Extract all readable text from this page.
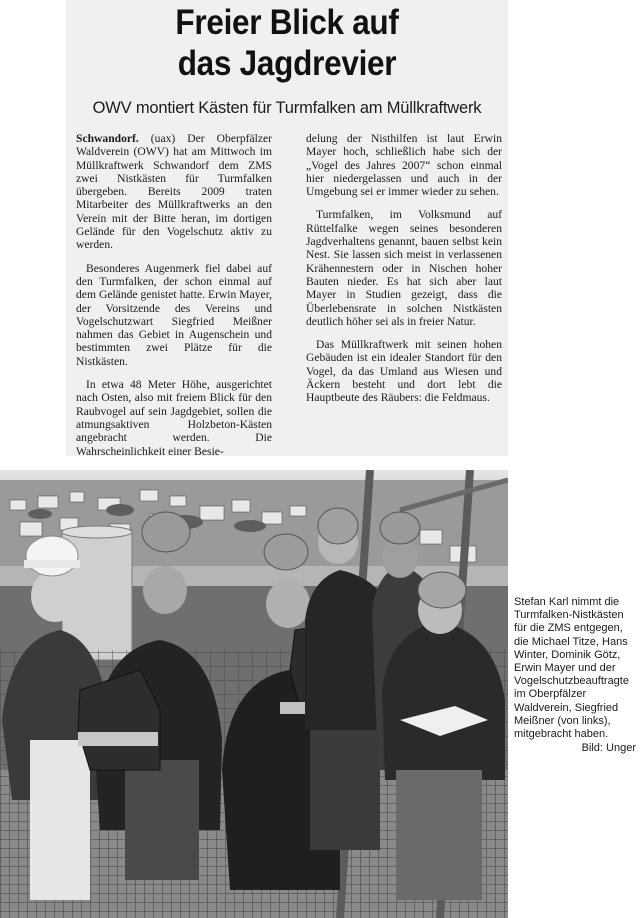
Freier Blick auf
das Jagdrevier
OWV montiert Kästen für Turmfalken am Müllkraftwerk

Schwandorf. (uax) Der Oberpfälzer Waldverein (OWV) hat am Mittwoch im Müllkraftwerk Schwandorf dem ZMS zwei Nistkästen für Turmfalken übergeben. Bereits 2009 traten Mitarbeiter des Müllkraftwerks an den Verein mit der Bitte heran, im dortigen Gelände für den Vogelschutz aktiv zu werden.

Besonderes Augenmerk fiel dabei auf den Turmfalken, der schon einmal auf dem Gelände genistet hatte. Erwin Mayer, der Vorsitzende des Vereins und Vogelschutzwart Siegfried Meißner nahmen das Gebiet in Augenschein und bestimmten zwei Plätze für die Nistkästen.

In etwa 48 Meter Höhe, ausgerichtet nach Osten, also mit freiem Blick für den Raubvogel auf sein Jagdgebiet, sollen die atmungsaktiven Holzbeton-Kästen angebracht werden. Die Wahrscheinlichkeit einer Besie-

delung der Nisthilfen ist laut Erwin Mayer hoch, schließlich habe sich der „Vogel des Jahres 2007“ schon einmal hier niedergelassen und auch in der Umgebung sei er immer wieder zu sehen.

Turmfalken, im Volksmund auf Rüttelfalke wegen seines besonderen Jagdverhaltens genannt, bauen selbst kein Nest. Sie lassen sich meist in verlassenen Krähennestern oder in Nischen hoher Bauten nieder. Es hat sich aber laut Mayer in Studien gezeigt, dass die Überlebensrate in solchen Nistkästen deutlich höher sei als in freier Natur.

Das Müllkraftwerk mit seinen hohen Gebäuden ist ein idealer Standort für den Vogel, da das Umland aus Wiesen und Äckern besteht und dort lebt die Hauptbeute des Räubers: die Feldmaus.

Stefan Karl nimmt die Turmfalken-Nistkästen für die ZMS entgegen, die Michael Titze, Hans Winter, Dominik Götz, Erwin Mayer und der Vogelschutzbeauftragte im Oberpfälzer Waldverein, Siegfried Meißner (von links), mitgebracht haben.
Bild: Unger
